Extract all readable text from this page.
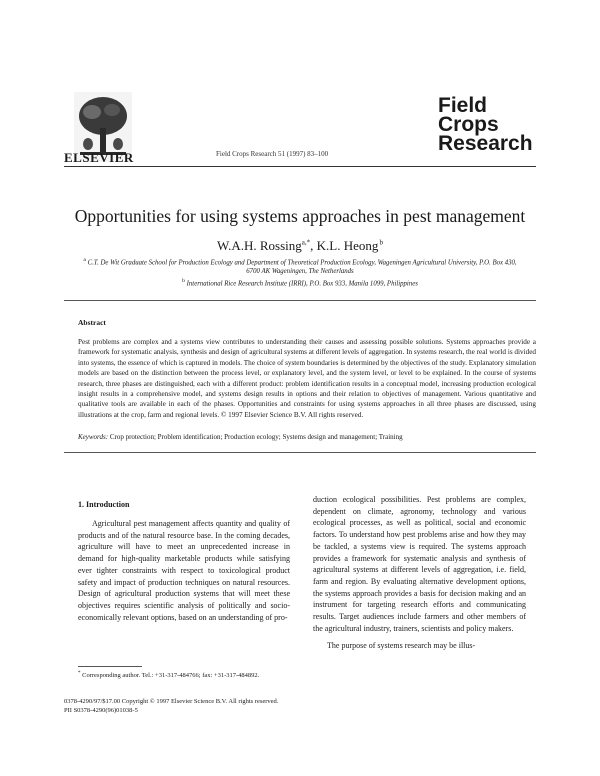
ELSEVIER	Field Crops Research 51 (1997) 83–100
Field
Crops
Research
Opportunities for using systems approaches in pest management
W.A.H. Rossing$^{a,*}$, K.L. Heong $^b$
$^a$ C.T. De Wit Graduate School for Production Ecology and Department of Theoretical Production Ecology, Wageningen Agricultural University, P.O. Box 430, 6700 AK Wageningen, The Netherlands
$^b$ International Rice Research Institute (IRRI), P.O. Box 933, Manila 1099, Philippines
Abstract
Pest problems are complex and a systems view contributes to understanding their causes and assessing possible solutions. Systems approaches provide a framework for systematic analysis, synthesis and design of agricultural systems at different levels of aggregation. In systems research, the real world is divided into systems, the essence of which is captured in models. The choice of system boundaries is determined by the objectives of the study. Explanatory simulation models are based on the distinction between the process level, or explanatory level, and the system level, or level to be explained. In the course of systems research, three phases are distinguished, each with a different product: problem identification results in a conceptual model, increasing production ecological insight results in a comprehensive model, and systems design results in options and their relation to objectives of management. Various quantitative and qualitative tools are available in each of the phases. Opportunities and constraints for using systems approaches in all three phases are discussed, using illustrations at the crop, farm and regional levels. © 1997 Elsevier Science B.V. All rights reserved.
Keywords: Crop protection; Problem identification; Production ecology; Systems design and management; Training
1. Introduction
Agricultural pest management affects quantity and quality of products and of the natural resource base. In the coming decades, agriculture will have to meet an unprecedented increase in demand for high-quality marketable products while satisfying ever tighter constraints with respect to toxicological product safety and impact of production techniques on natural resources. Design of agricultural production systems that will meet these objectives requires scientific analysis of politically and socio-economically relevant options, based on an understanding of pro-
duction ecological possibilities. Pest problems are complex, dependent on climate, agronomy, technology and various ecological processes, as well as political, social and economic factors. To understand how pest problems arise and how they may be tackled, a systems view is required. The systems approach provides a framework for systematic analysis and synthesis of agricultural systems at different levels of aggregation, i.e. field, farm and region. By evaluating alternative development options, the systems approach provides a basis for decision making and an instrument for targeting research efforts and communicating results. Target audiences include farmers and other members of the agricultural industry, trainers, scientists and policy makers.
The purpose of systems research may be illus-
* Corresponding author. Tel.: +31-317-484766; fax: +31-317-484892.
0378-4290/97/$17.00 Copyright © 1997 Elsevier Science B.V. All rights reserved.
PII S0378-4290(96)01038-5
